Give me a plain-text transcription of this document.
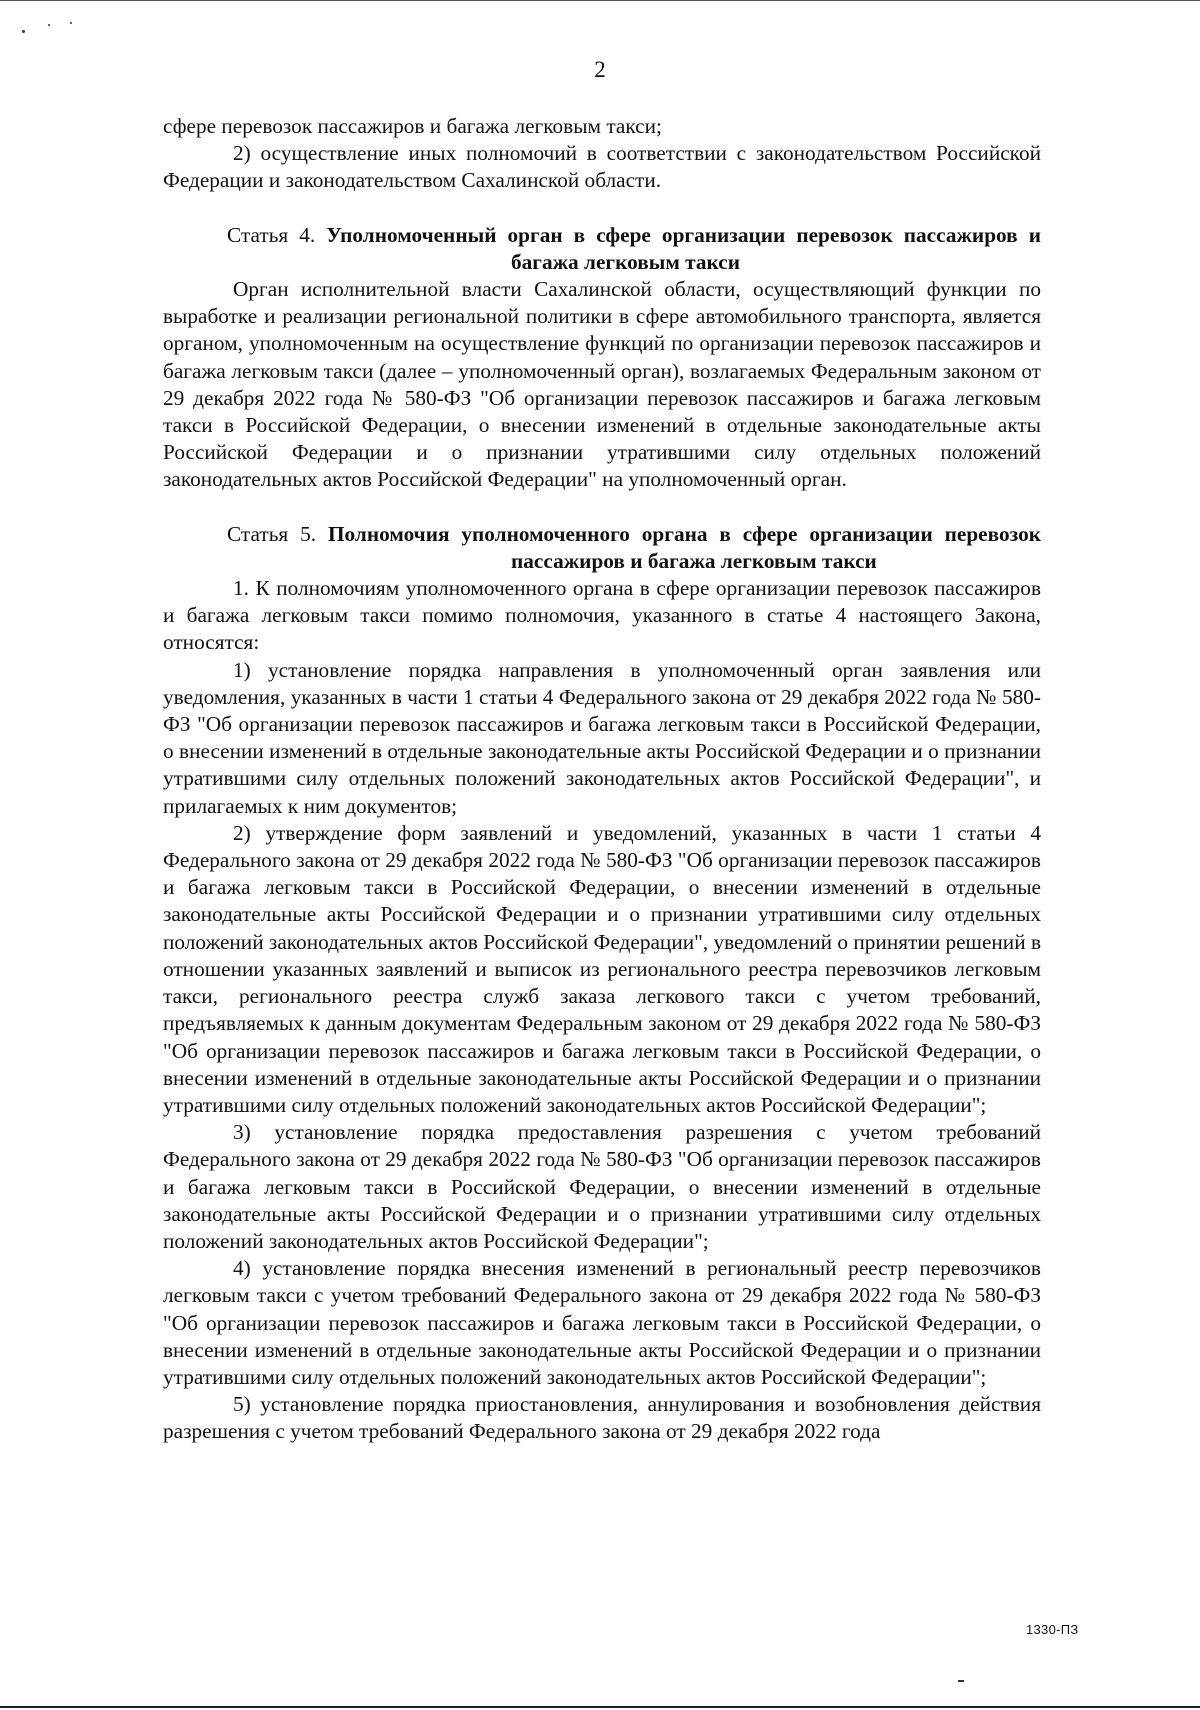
2

сфере перевозок пассажиров и багажа легковым такси;

2) осуществление иных полномочий в соответствии с законодательством Российской Федерации и законодательством Сахалинской области.

Статья 4. Уполномоченный орган в сфере организации перевозок пассажиров и багажа легковым такси

Орган исполнительной власти Сахалинской области, осуществляющий функции по выработке и реализации региональной политики в сфере автомобильного транспорта, является органом, уполномоченным на осуществление функций по организации перевозок пассажиров и багажа легковым такси (далее – уполномоченный орган), возлагаемых Федеральным законом от 29 декабря 2022 года № 580-ФЗ "Об организации перевозок пассажиров и багажа легковым такси в Российской Федерации, о внесении изменений в отдельные законодательные акты Российской Федерации и о признании утратившими силу отдельных положений законодательных актов Российской Федерации" на уполномоченный орган.

Статья 5. Полномочия уполномоченного органа в сфере организации перевозок пассажиров и багажа легковым такси

1. К полномочиям уполномоченного органа в сфере организации перевозок пассажиров и багажа легковым такси помимо полномочия, указанного в статье 4 настоящего Закона, относятся:

1) установление порядка направления в уполномоченный орган заявления или уведомления, указанных в части 1 статьи 4 Федерального закона от 29 декабря 2022 года № 580-ФЗ "Об организации перевозок пассажиров и багажа легковым такси в Российской Федерации, о внесении изменений в отдельные законодательные акты Российской Федерации и о признании утратившими силу отдельных положений законодательных актов Российской Федерации", и прилагаемых к ним документов;

2) утверждение форм заявлений и уведомлений, указанных в части 1 статьи 4 Федерального закона от 29 декабря 2022 года № 580-ФЗ "Об организации перевозок пассажиров и багажа легковым такси в Российской Федерации, о внесении изменений в отдельные законодательные акты Российской Федерации и о признании утратившими силу отдельных положений законодательных актов Российской Федерации", уведомлений о принятии решений в отношении указанных заявлений и выписок из регионального реестра перевозчиков легковым такси, регионального реестра служб заказа легкового такси с учетом требований, предъявляемых к данным документам Федеральным законом от 29 декабря 2022 года № 580-ФЗ "Об организации перевозок пассажиров и багажа легковым такси в Российской Федерации, о внесении изменений в отдельные законодательные акты Российской Федерации и о признании утратившими силу отдельных положений законодательных актов Российской Федерации";

3) установление порядка предоставления разрешения с учетом требований Федерального закона от 29 декабря 2022 года № 580-ФЗ "Об организации перевозок пассажиров и багажа легковым такси в Российской Федерации, о внесении изменений в отдельные законодательные акты Российской Федерации и о признании утратившими силу отдельных положений законодательных актов Российской Федерации";

4) установление порядка внесения изменений в региональный реестр перевозчиков легковым такси с учетом требований Федерального закона от 29 декабря 2022 года № 580-ФЗ "Об организации перевозок пассажиров и багажа легковым такси в Российской Федерации, о внесении изменений в отдельные законодательные акты Российской Федерации и о признании утратившими силу отдельных положений законодательных актов Российской Федерации";

5) установление порядка приостановления, аннулирования и возобновления действия разрешения с учетом требований Федерального закона от 29 декабря 2022 года

1330-ПЗ
